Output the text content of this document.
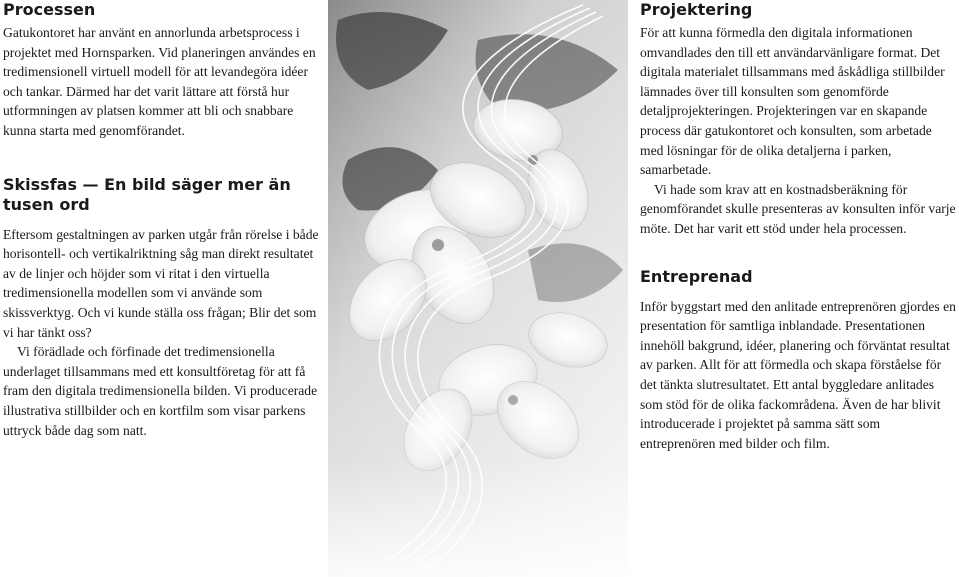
Processen

Gatukontoret har använt en annorlunda arbetsprocess i projektet med Hornsparken. Vid planeringen användes en tredimensionell virtuell modell för att levandegöra idéer och tankar. Därmed har det varit lättare att förstå hur utformningen av platsen kommer att bli och snabbare kunna starta med genomförandet.

Skissfas — En bild säger mer än tusen ord

Eftersom gestaltningen av parken utgår från rörelse i både horisontell- och vertikalriktning såg man direkt resultatet av de linjer och höjder som vi ritat i den virtuella tredimensionella modellen som vi använde som skissverktyg. Och vi kunde ställa oss frågan; Blir det som vi har tänkt oss?

Vi förädlade och förfinade det tredimensionella underlaget tillsammans med ett konsultföretag för att få fram den digitala tredimensionella bilden. Vi producerade illustrativa stillbilder och en kortfilm som visar parkens uttryck både dag som natt.

Projektering

För att kunna förmedla den digitala informationen omvandlades den till ett användarvänligare format. Det digitala materialet tillsammans med åskådliga stillbilder lämnades över till konsulten som genomförde detaljprojekteringen. Projekteringen var en skapande process där gatukontoret och konsulten, som arbetade med lösningar för de olika detaljerna i parken, samarbetade.

Vi hade som krav att en kostnadsberäkning för genomförandet skulle presenteras av konsulten inför varje möte. Det har varit ett stöd under hela processen.

Entreprenad

Inför byggstart med den anlitade entreprenören gjordes en presentation för samtliga inblandade. Presentationen innehöll bakgrund, idéer, planering och förväntat resultat av parken. Allt för att förmedla och skapa förståelse för det tänkta slutresultatet. Ett antal byggledare anlitades som stöd för de olika fackområdena. Även de har blivit introducerade i projektet på samma sätt som entreprenören med bilder och film.
